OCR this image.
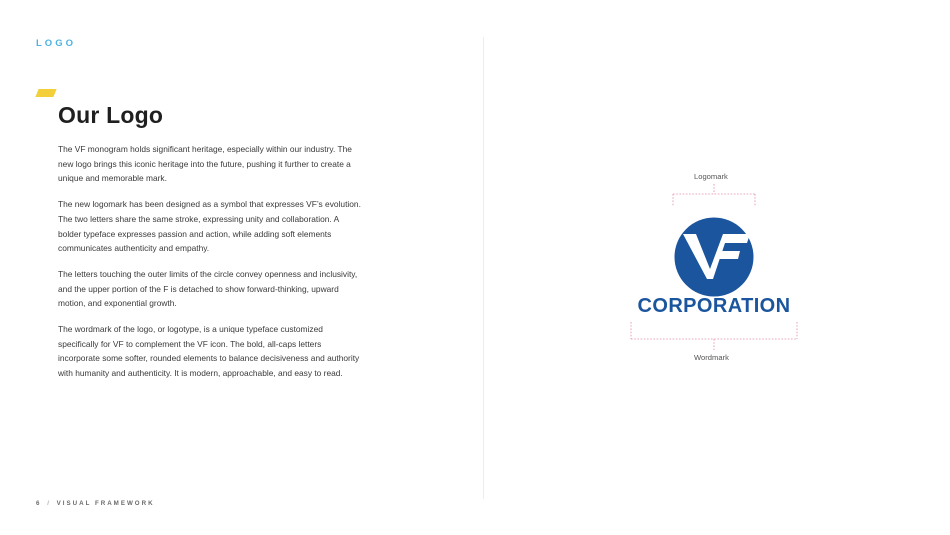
LOGO
Our Logo

The VF monogram holds significant heritage, especially within our industry. The new logo brings this iconic heritage into the future, pushing it further to create a unique and memorable mark.

The new logomark has been designed as a symbol that expresses VF’s evolution. The two letters share the same stroke, expressing unity and collaboration. A bolder typeface expresses passion and action, while adding soft elements communicates authenticity and empathy.

The letters touching the outer limits of the circle convey openness and inclusivity, and the upper portion of the F is detached to show forward-thinking, upward motion, and exponential growth.

The wordmark of the logo, or logotype, is a unique typeface customized specifically for VF to complement the VF icon. The bold, all-caps letters incorporate some softer, rounded elements to balance decisiveness and authority with humanity and authenticity. It is modern, approachable, and easy to read.

Logomark
CORPORATION
Wordmark
6 / VISUAL FRAMEWORK
